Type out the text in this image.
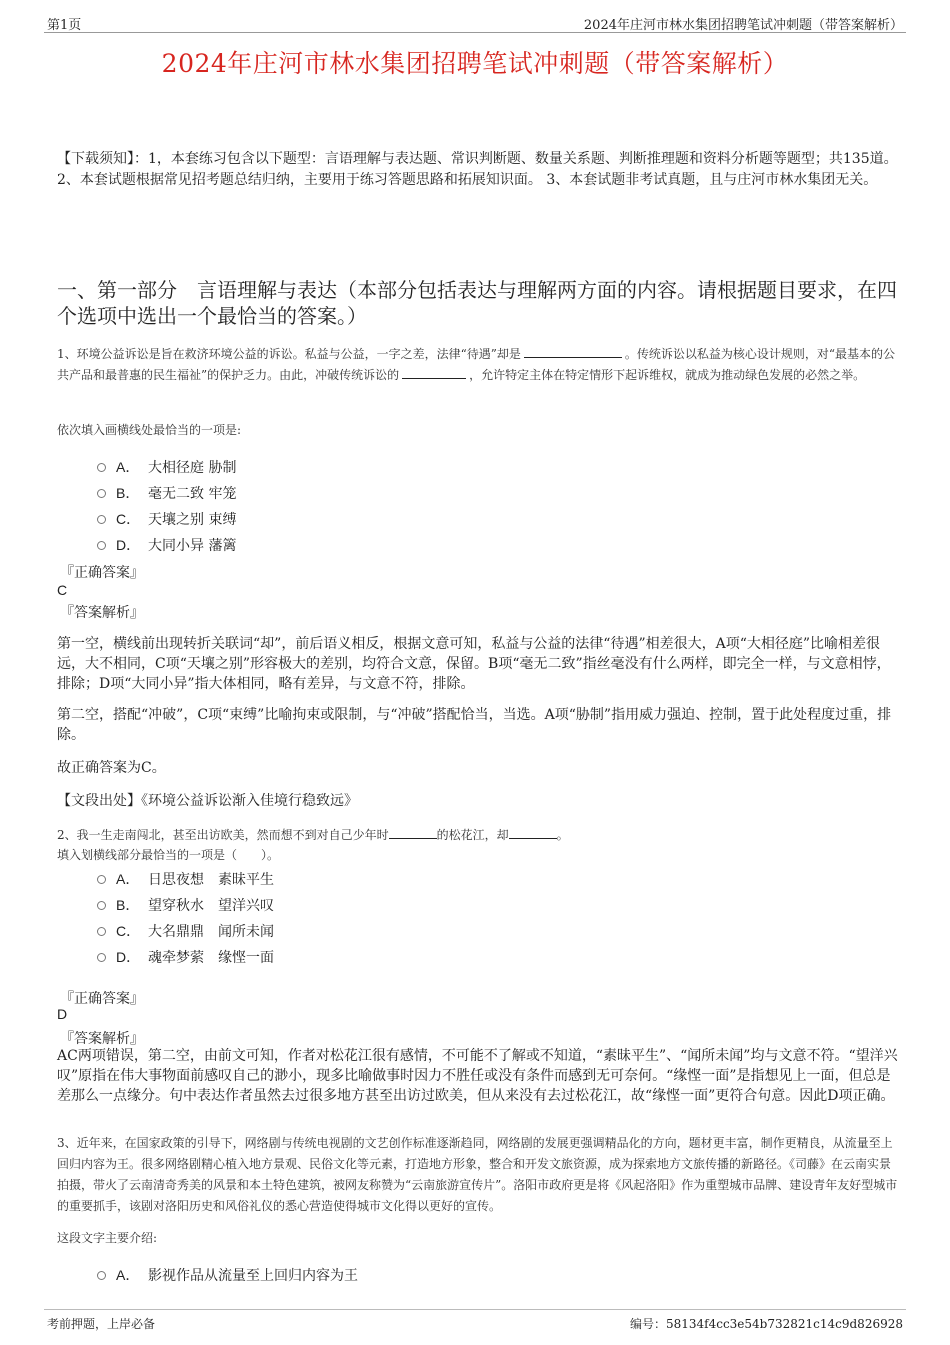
第1页	2024年庄河市林水集团招聘笔试冲刺题（带答案解析）
2024年庄河市林水集团招聘笔试冲刺题（带答案解析）
【下载须知】：1，本套练习包含以下题型：言语理解与表达题、常识判断题、数量关系题、判断推理题和资料分析题等题型；共135道。 2、本套试题根据常见招考题总结归纳，主要用于练习答题思路和拓展知识面。 3、本套试题非考试真题，且与庄河市林水集团无关。
一、第一部分　言语理解与表达（本部分包括表达与理解两方面的内容。请根据题目要求，在四个选项中选出一个最恰当的答案。）
1、环境公益诉讼是旨在救济环境公益的诉讼。私益与公益，一字之差，法律“待遇”却是	。传统诉讼以私益为核心设计规则，对“最基本的公共产品和最普惠的民生福祉”的保护乏力。由此，冲破传统诉讼的	，允许特定主体在特定情形下起诉维权，就成为推动绿色发展的必然之举。
依次填入画横线处最恰当的一项是:
A． 大相径庭 胁制
B． 毫无二致 牢笼
C． 天壤之别 束缚
D． 大同小异 藩篱
『正确答案』
C
『答案解析』
第一空，横线前出现转折关联词“却”，前后语义相反，根据文意可知，私益与公益的法律“待遇”相差很大，A项“大相径庭”比喻相差很远，大不相同，C项“天壤之别”形容极大的差别，均符合文意，保留。B项“毫无二致”指丝毫没有什么两样，即完全一样，与文意相悖，排除；D项“大同小异”指大体相同，略有差异，与文意不符，排除。
第二空，搭配“冲破”，C项“束缚”比喻拘束或限制，与“冲破”搭配恰当，当选。A项“胁制”指用威力强迫、控制，置于此处程度过重，排除。
故正确答案为C。
【文段出处】《环境公益诉讼渐入佳境行稳致远》
2、我一生走南闯北，甚至出访欧美，然而想不到对自己少年时	的松花江，却	。
填入划横线部分最恰当的一项是（　　）。
A． 日思夜想　素昧平生
B． 望穿秋水　望洋兴叹
C． 大名鼎鼎　闻所未闻
D． 魂牵梦萦　缘悭一面
『正确答案』
D
『答案解析』
AC两项错误，第二空，由前文可知，作者对松花江很有感情，不可能不了解或不知道，“素昧平生”、“闻所未闻”均与文意不符。“望洋兴叹”原指在伟大事物面前感叹自己的渺小，现多比喻做事时因力不胜任或没有条件而感到无可奈何。“缘悭一面”是指想见上一面，但总是差那么一点缘分。句中表达作者虽然去过很多地方甚至出访过欧美，但从来没有去过松花江，故“缘悭一面”更符合句意。因此D项正确。
3、近年来，在国家政策的引导下，网络剧与传统电视剧的文艺创作标准逐渐趋同，网络剧的发展更强调精品化的方向，题材更丰富，制作更精良，从流量至上回归内容为王。很多网络剧精心植入地方景观、民俗文化等元素，打造地方形象，整合和开发文旅资源，成为探索地方文旅传播的新路径。《司藤》在云南实景拍摄，带火了云南清奇秀美的风景和本土特色建筑，被网友称赞为“云南旅游宣传片”。洛阳市政府更是将《风起洛阳》作为重塑城市品牌、建设青年友好型城市的重要抓手，该剧对洛阳历史和风俗礼仪的悉心营造使得城市文化得以更好的宣传。
这段文字主要介绍:
A． 影视作品从流量至上回归内容为王
考前押题，上岸必备	编号：58134f4cc3e54b732821c14c9d826928
